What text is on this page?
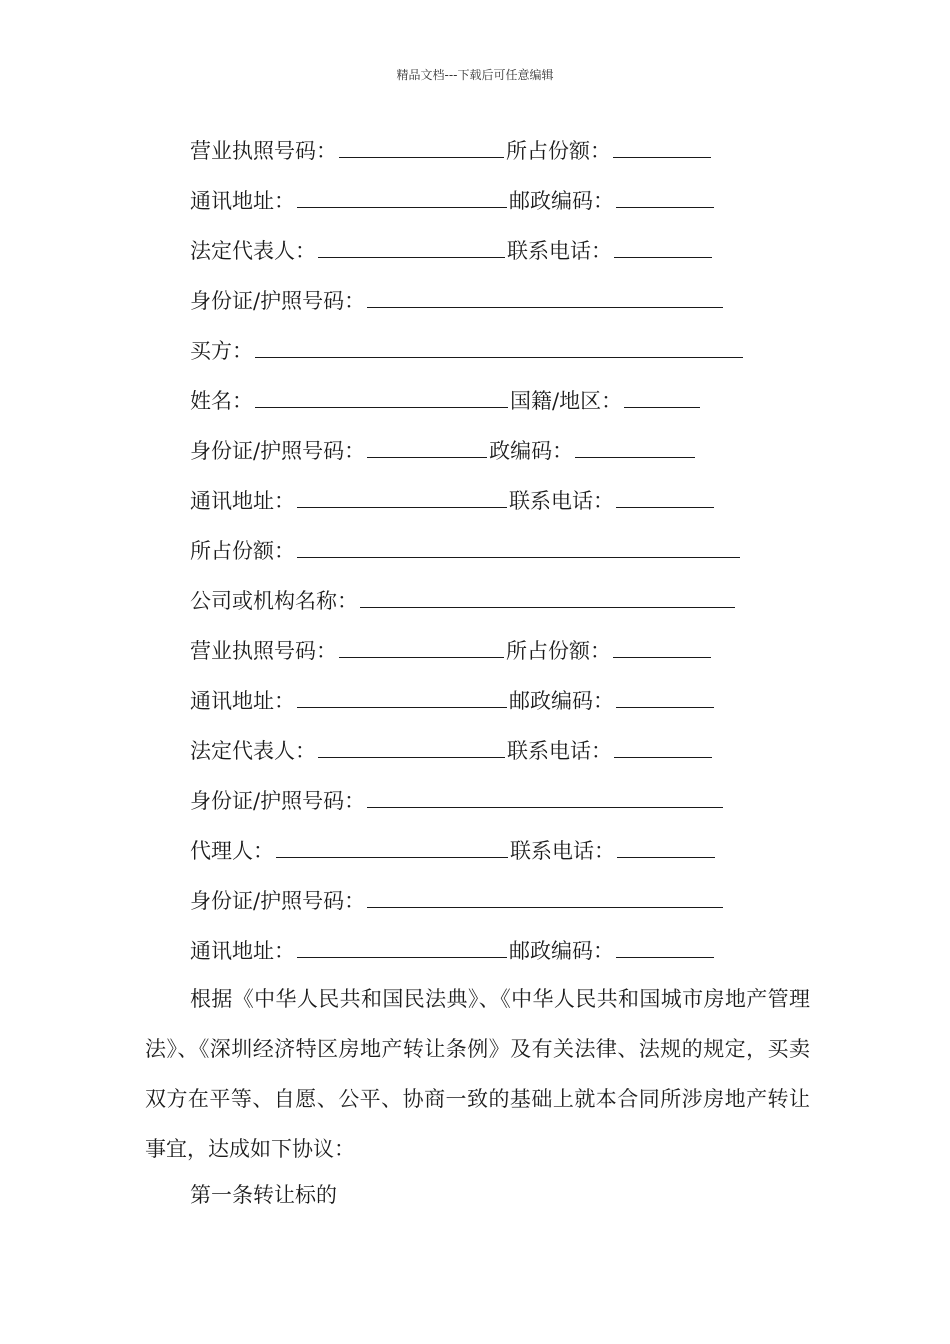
精品文档---下载后可任意编辑
营业执照号码：	所占份额：
通讯地址：	邮政编码：
法定代表人：	联系电话：
身份证/护照号码：
买方：
姓名：	国籍/地区：
身份证/护照号码：	政编码：
通讯地址：	联系电话：
所占份额：
公司或机构名称：
营业执照号码：	所占份额：
通讯地址：	邮政编码：
法定代表人：	联系电话：
身份证/护照号码：
代理人：	联系电话：
身份证/护照号码：
通讯地址：	邮政编码：
根据《中华人民共和国民法典》、《中华人民共和国城市房地产管理法》、《深圳经济特区房地产转让条例》及有关法律、法规的规定，买卖双方在平等、自愿、公平、协商一致的基础上就本合同所涉房地产转让事宜，达成如下协议：
第一条转让标的
